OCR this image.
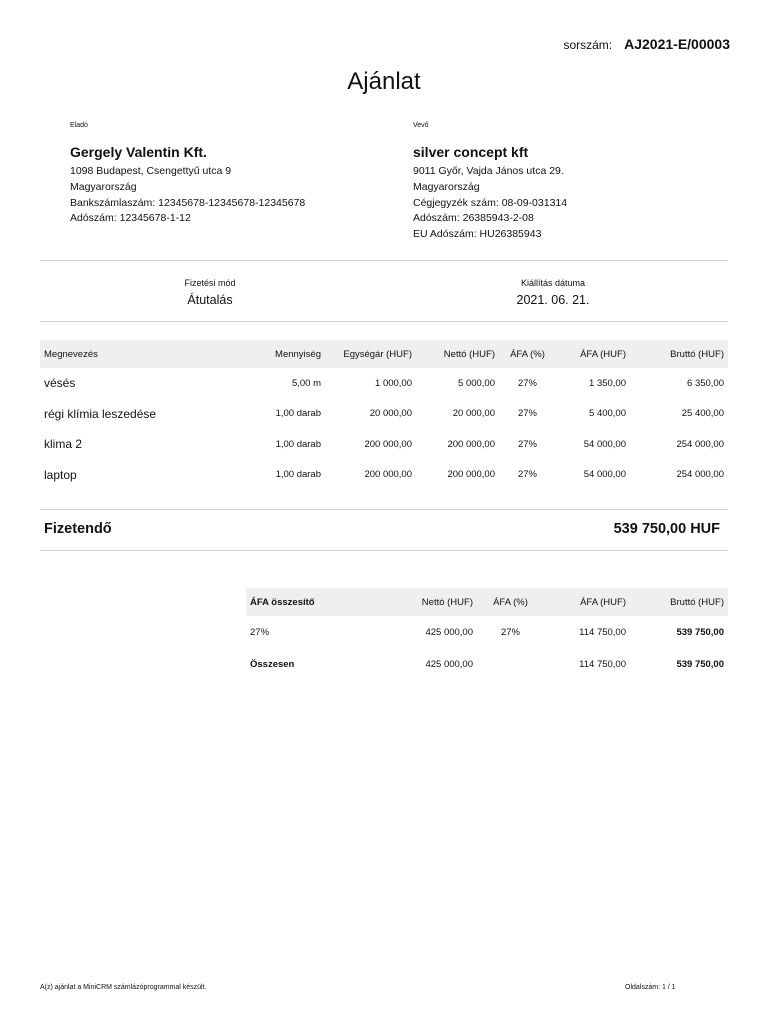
sorszám: AJ2021-E/00003
Ajánlat
Eladó
Gergely Valentin Kft.
1098 Budapest, Csengettyű utca 9
Magyarország
Bankszámlaszám: 12345678-12345678-12345678
Adószám: 12345678-1-12
Vevő
silver concept kft
9011 Győr, Vajda János utca 29.
Magyarország
Cégjegyzék szám: 08-09-031314
Adószám: 26385943-2-08
EU Adószám: HU26385943
Fizetési mód
Átutalás
Kiállítás dátuma
2021. 06. 21.
Megnevezés	Mennyiség	Egységár (HUF)	Nettó (HUF)	ÁFA (%)	ÁFA (HUF)	Bruttó (HUF)
vésés	5,00 m	1 000,00	5 000,00	27%	1 350,00	6 350,00
régi klímia leszedése	1,00 darab	20 000,00	20 000,00	27%	5 400,00	25 400,00
klima 2	1,00 darab	200 000,00	200 000,00	27%	54 000,00	254 000,00
laptop	1,00 darab	200 000,00	200 000,00	27%	54 000,00	254 000,00
Fizetendő	539 750,00 HUF
ÁFA összesítő	Nettó (HUF)	ÁFA (%)	ÁFA (HUF)	Bruttó (HUF)
27%	425 000,00	27%	114 750,00	539 750,00
Összesen	425 000,00		114 750,00	539 750,00
A(z) ajánlat a MiniCRM számlázóprogrammal készült.	Oldalszám: 1 / 1
